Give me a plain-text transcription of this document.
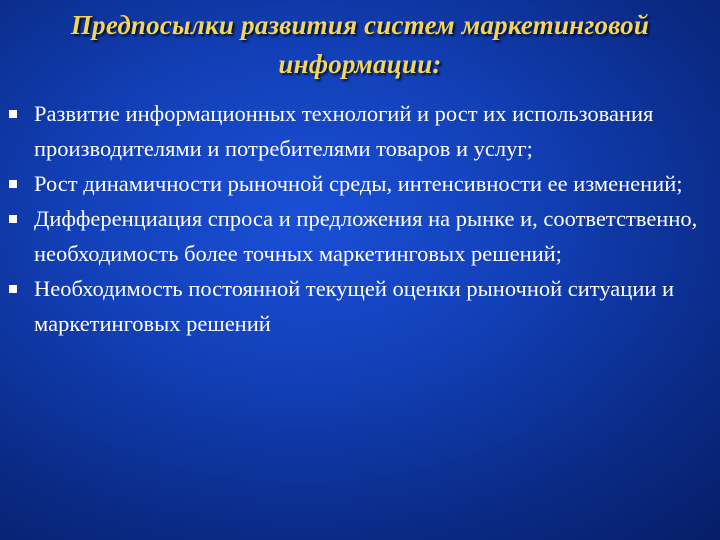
Предпосылки развития систем маркетинговой информации:
Развитие информационных технологий и рост их использования производителями и потребителями товаров и услуг;
Рост динамичности рыночной среды, интенсивности ее изменений;
Дифференциация спроса и предложения на рынке и, соответственно, необходимость более точных маркетинговых решений;
Необходимость постоянной текущей оценки рыночной ситуации и маркетинговых решений
